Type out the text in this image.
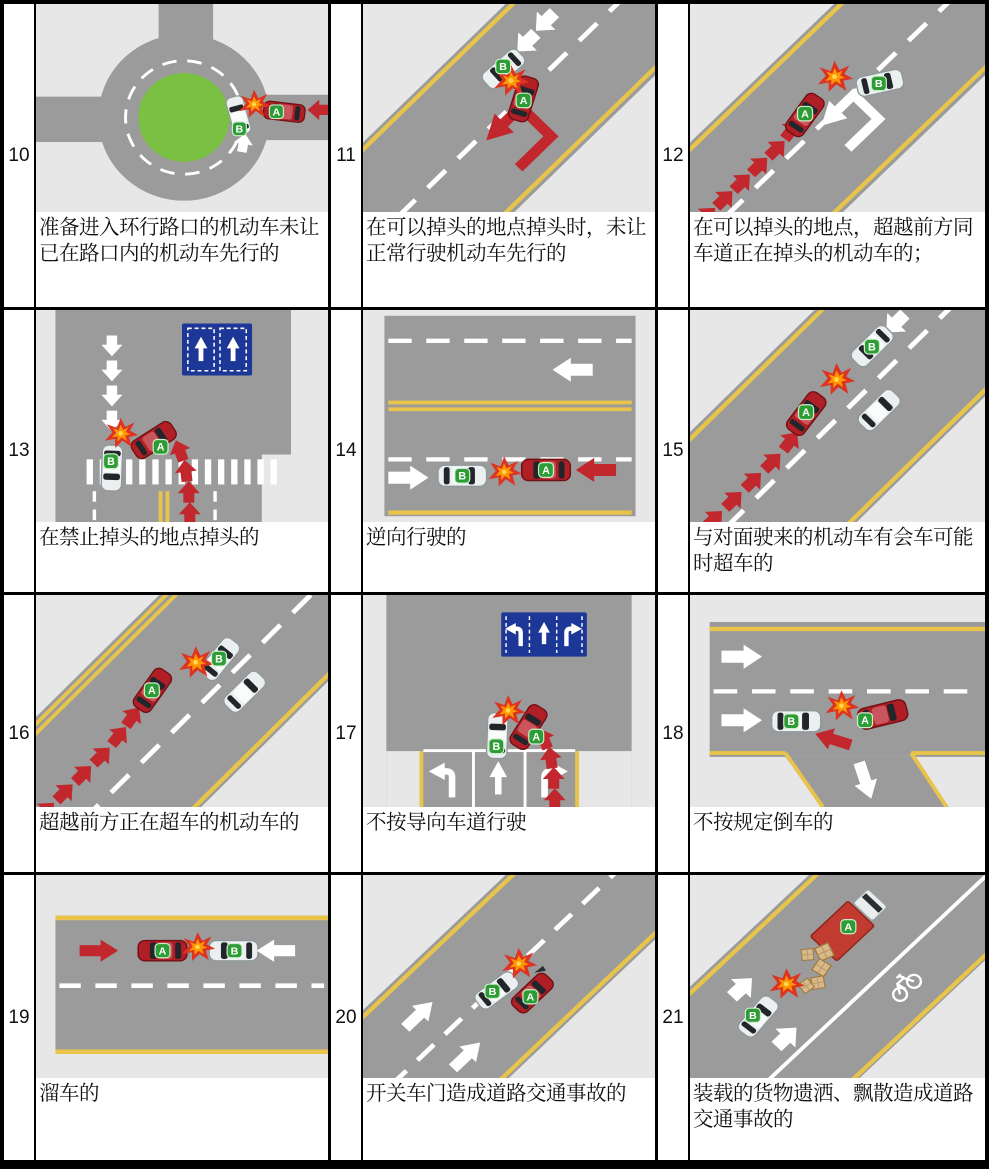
10
B
A
准备进入环行路口的机动车未让已在路口内的机动车先行的
11
B
A
在可以掉头的地点掉头时，未让正常行驶机动车先行的
12
B
A
在可以掉头的地点，超越前方同车道正在掉头的机动车的；
13
B
A
在禁止掉头的地点掉头的
14
B	A
逆向行驶的
15
A
B
与对面驶来的机动车有会车可能时超车的
16
A
B
超越前方正在超车的机动车的
17
B
A
不按导向车道行驶
18
B	A
不按规定倒车的
19
A	B
溜车的
20
B
A
开关车门造成道路交通事故的
21
A
B
装载的货物遗洒、飘散造成道路交通事故的
